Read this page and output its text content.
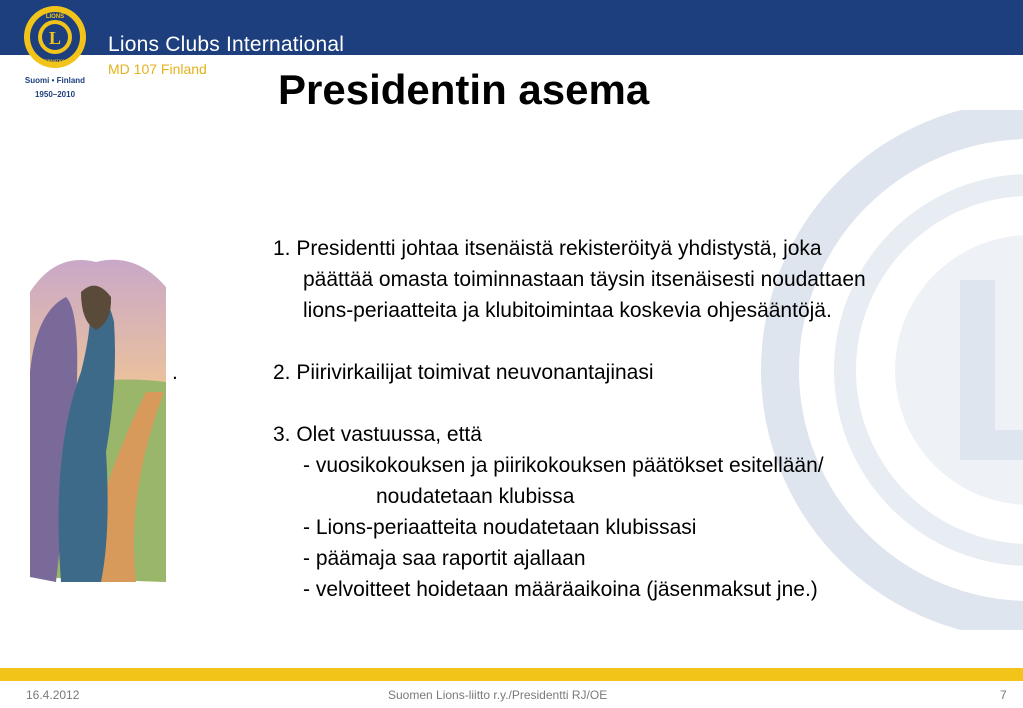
L
LIONS
INTERNATIONAL
Suomi • Finland
1950–2010
Lions Clubs International
MD 107 Finland Presidentin asema
.

1. Presidentti johtaa itsenäistä rekisteröityä yhdistystä, joka

päättää omasta toiminnastaan täysin itsenäisesti noudattaen

lions-periaatteita ja klubitoimintaa koskevia ohjesääntöjä.

2. Piirivirkailijat toimivat neuvonantajinasi

3. Olet vastuussa, että

- vuosikokouksen ja piirikokouksen päätökset esitellään/

noudatetaan klubissa

- Lions-periaatteita noudatetaan klubissasi

- päämaja saa raportit ajallaan

- velvoitteet hoidetaan määräaikoina (jäsenmaksut jne.)

16.4.2012	Suomen Lions-liitto r.y./Presidentti RJ/OE	7
